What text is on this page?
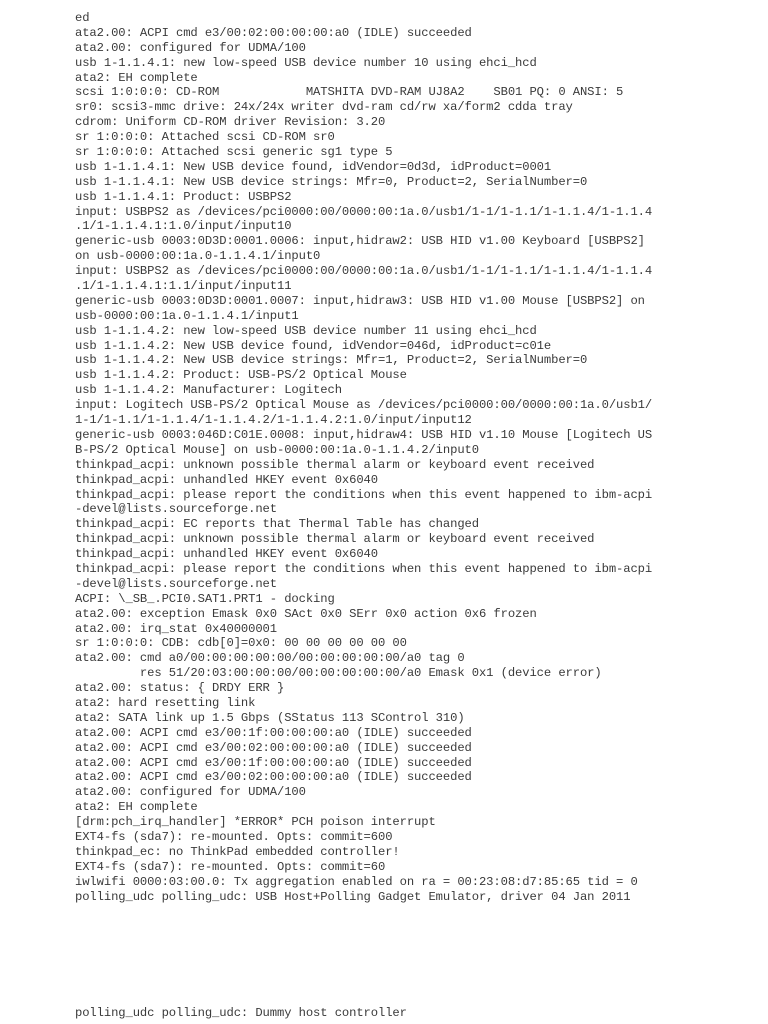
ed
ata2.00: ACPI cmd e3/00:02:00:00:00:a0 (IDLE) succeeded
ata2.00: configured for UDMA/100
usb 1-1.1.4.1: new low-speed USB device number 10 using ehci_hcd
ata2: EH complete
scsi 1:0:0:0: CD-ROM            MATSHITA DVD-RAM UJ8A2    SB01 PQ: 0 ANSI: 5
sr0: scsi3-mmc drive: 24x/24x writer dvd-ram cd/rw xa/form2 cdda tray
cdrom: Uniform CD-ROM driver Revision: 3.20
sr 1:0:0:0: Attached scsi CD-ROM sr0
sr 1:0:0:0: Attached scsi generic sg1 type 5
usb 1-1.1.4.1: New USB device found, idVendor=0d3d, idProduct=0001
usb 1-1.1.4.1: New USB device strings: Mfr=0, Product=2, SerialNumber=0
usb 1-1.1.4.1: Product: USBPS2
input: USBPS2 as /devices/pci0000:00/0000:00:1a.0/usb1/1-1/1-1.1/1-1.1.4/1-1.1.4
.1/1-1.1.4.1:1.0/input/input10
generic-usb 0003:0D3D:0001.0006: input,hidraw2: USB HID v1.00 Keyboard [USBPS2]
on usb-0000:00:1a.0-1.1.4.1/input0
input: USBPS2 as /devices/pci0000:00/0000:00:1a.0/usb1/1-1/1-1.1/1-1.1.4/1-1.1.4
.1/1-1.1.4.1:1.1/input/input11
generic-usb 0003:0D3D:0001.0007: input,hidraw3: USB HID v1.00 Mouse [USBPS2] on
usb-0000:00:1a.0-1.1.4.1/input1
usb 1-1.1.4.2: new low-speed USB device number 11 using ehci_hcd
usb 1-1.1.4.2: New USB device found, idVendor=046d, idProduct=c01e
usb 1-1.1.4.2: New USB device strings: Mfr=1, Product=2, SerialNumber=0
usb 1-1.1.4.2: Product: USB-PS/2 Optical Mouse
usb 1-1.1.4.2: Manufacturer: Logitech
input: Logitech USB-PS/2 Optical Mouse as /devices/pci0000:00/0000:00:1a.0/usb1/
1-1/1-1.1/1-1.1.4/1-1.1.4.2/1-1.1.4.2:1.0/input/input12
generic-usb 0003:046D:C01E.0008: input,hidraw4: USB HID v1.10 Mouse [Logitech US
B-PS/2 Optical Mouse] on usb-0000:00:1a.0-1.1.4.2/input0
thinkpad_acpi: unknown possible thermal alarm or keyboard event received
thinkpad_acpi: unhandled HKEY event 0x6040
thinkpad_acpi: please report the conditions when this event happened to ibm-acpi
-devel@lists.sourceforge.net
thinkpad_acpi: EC reports that Thermal Table has changed
thinkpad_acpi: unknown possible thermal alarm or keyboard event received
thinkpad_acpi: unhandled HKEY event 0x6040
thinkpad_acpi: please report the conditions when this event happened to ibm-acpi
-devel@lists.sourceforge.net
ACPI: \_SB_.PCI0.SAT1.PRT1 - docking
ata2.00: exception Emask 0x0 SAct 0x0 SErr 0x0 action 0x6 frozen
ata2.00: irq_stat 0x40000001
sr 1:0:0:0: CDB: cdb[0]=0x0: 00 00 00 00 00 00
ata2.00: cmd a0/00:00:00:00:00/00:00:00:00:00/a0 tag 0
res 51/20:03:00:00:00/00:00:00:00:00/a0 Emask 0x1 (device error)
ata2.00: status: { DRDY ERR }
ata2: hard resetting link
ata2: SATA link up 1.5 Gbps (SStatus 113 SControl 310)
ata2.00: ACPI cmd e3/00:1f:00:00:00:a0 (IDLE) succeeded
ata2.00: ACPI cmd e3/00:02:00:00:00:a0 (IDLE) succeeded
ata2.00: ACPI cmd e3/00:1f:00:00:00:a0 (IDLE) succeeded
ata2.00: ACPI cmd e3/00:02:00:00:00:a0 (IDLE) succeeded
ata2.00: configured for UDMA/100
ata2: EH complete
[drm:pch_irq_handler] *ERROR* PCH poison interrupt
EXT4-fs (sda7): re-mounted. Opts: commit=600
thinkpad_ec: no ThinkPad embedded controller!
EXT4-fs (sda7): re-mounted. Opts: commit=60
iwlwifi 0000:03:00.0: Tx aggregation enabled on ra = 00:23:08:d7:85:65 tid = 0
polling_udc polling_udc: USB Host+Polling Gadget Emulator, driver 04 Jan 2011
polling_udc polling_udc: Dummy host controller
